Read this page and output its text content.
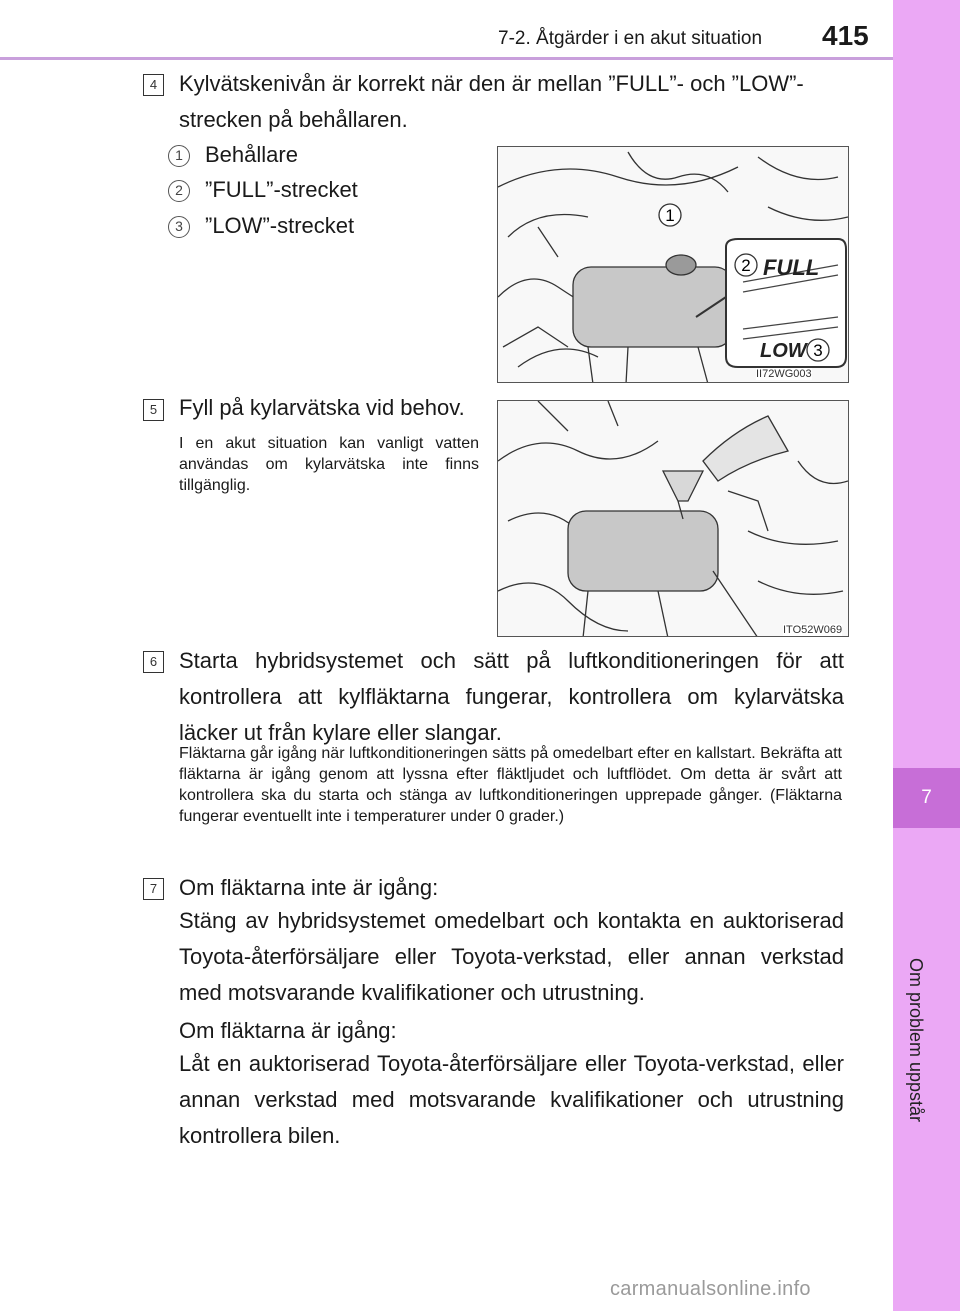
7-2. Åtgärder i en akut situation 415
7
Om problem uppstår
4 Kylvätskenivån är korrekt när den är mellan ”FULL”- och ”LOW”-strecken på behållaren.
1	Behållare
2	”FULL”-strecket
3	”LOW”-strecket	1
2 FULL
LOW 3
II72WG003
5 Fyll på kylarvätska vid behov.
I en akut situation kan vanligt vatten användas om kylarvätska inte finns tillgänglig.
ITO52W069
6 Starta hybridsystemet och sätt på luftkonditioneringen för att kontrollera att kylfläktarna fungerar, kontrollera om kylarvätska läcker ut från kylare eller slangar.
Fläktarna går igång när luftkonditioneringen sätts på omedelbart efter en kallstart. Bekräfta att fläktarna är igång genom att lyssna efter fläktljudet och luftflödet. Om detta är svårt att kontrollera ska du starta och stänga av luftkonditioneringen upprepade gånger. (Fläktarna fungerar eventuellt inte i temperaturer under 0 grader.)
7 Om fläktarna inte är igång:
Stäng av hybridsystemet omedelbart och kontakta en auktoriserad Toyota-återförsäljare eller Toyota-verkstad, eller annan verkstad med motsvarande kvalifikationer och utrustning.
Om fläktarna är igång:
Låt en auktoriserad Toyota-återförsäljare eller Toyota-verkstad, eller annan verkstad med motsvarande kvalifikationer och utrustning kontrollera bilen.
carmanualsonline.info
